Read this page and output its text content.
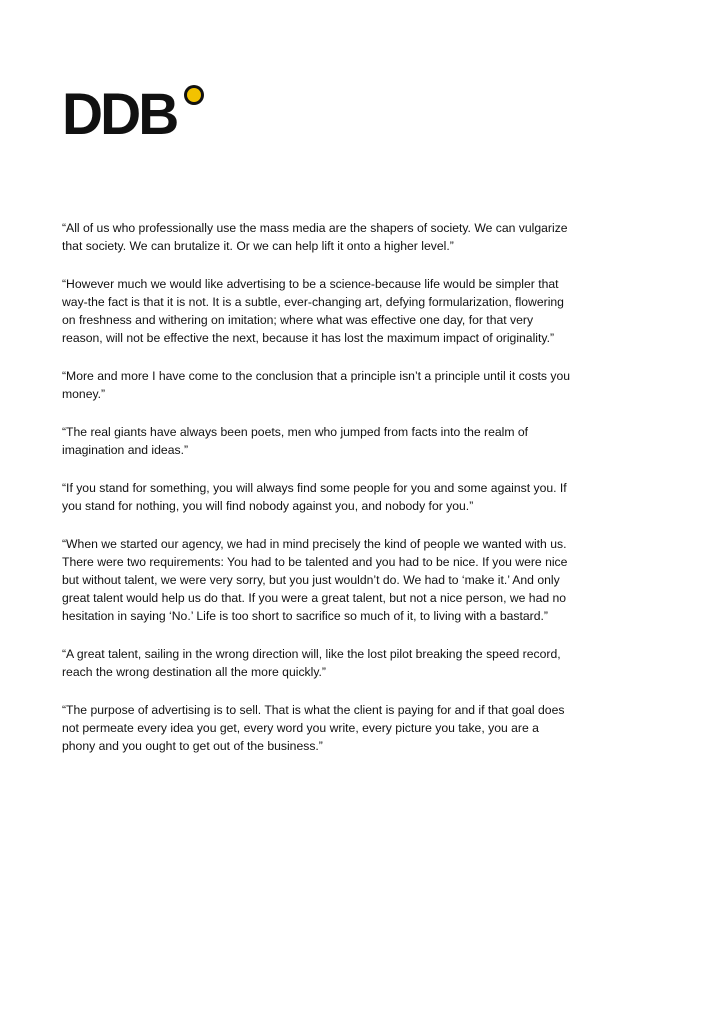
DDB

“All of us who professionally use the mass media are the shapers of society. We can vulgarize that society. We can brutalize it. Or we can help lift it onto a higher level.”

“However much we would like advertising to be a science-because life would be simpler that way-the fact is that it is not. It is a subtle, ever-changing art, defying formularization, flowering on freshness and withering on imitation; where what was effective one day, for that very reason, will not be effective the next, because it has lost the maximum impact of originality.”

“More and more I have come to the conclusion that a principle isn’t a principle until it costs you money.”

“The real giants have always been poets, men who jumped from facts into the realm of imagination and ideas.”

“If you stand for something, you will always find some people for you and some against you. If you stand for nothing, you will find nobody against you, and nobody for you.”

“When we started our agency, we had in mind precisely the kind of people we wanted with us. There were two requirements: You had to be talented and you had to be nice. If you were nice but without talent, we were very sorry, but you just wouldn’t do. We had to ‘make it.’ And only great talent would help us do that. If you were a great talent, but not a nice person, we had no hesitation in saying ‘No.’ Life is too short to sacrifice so much of it, to living with a bastard.”

“A great talent, sailing in the wrong direction will, like the lost pilot breaking the speed record, reach the wrong destination all the more quickly.”

“The purpose of advertising is to sell. That is what the client is paying for and if that goal does not permeate every idea you get, every word you write, every picture you take, you are a phony and you ought to get out of the business.”
